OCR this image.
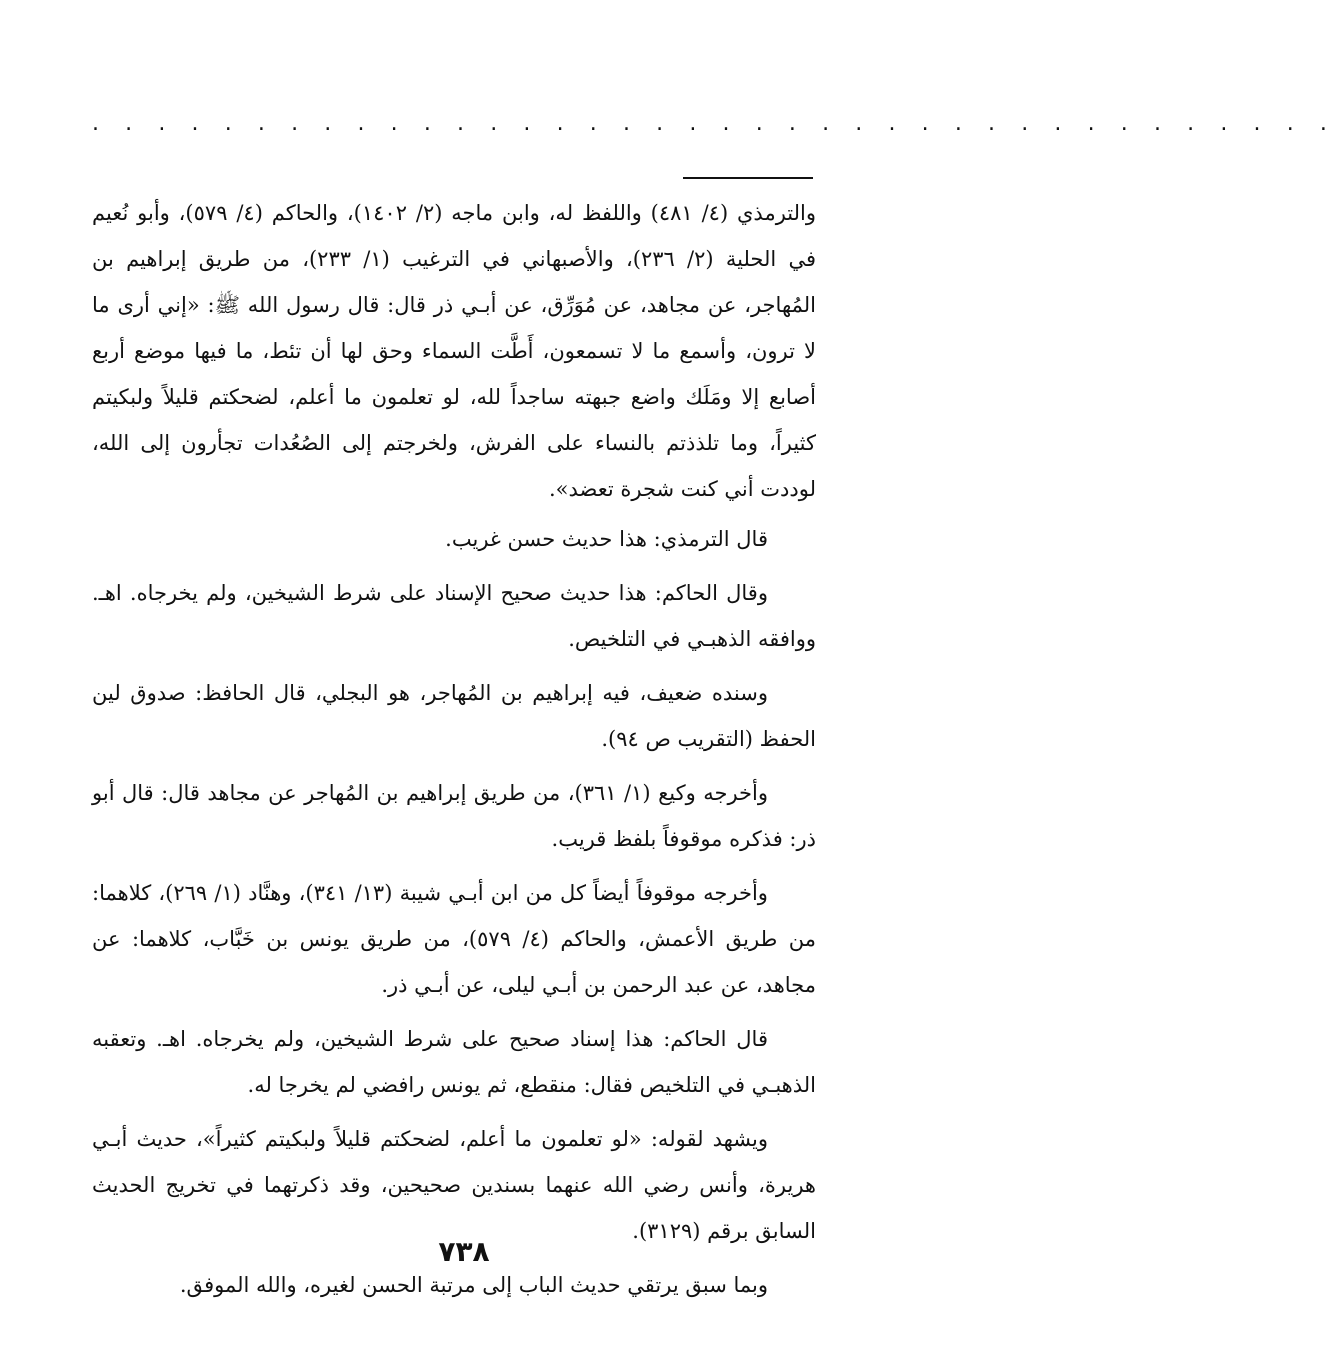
. . . . . . . . . . . . . . . . . . . . . . . . . . . . . . . . . . . . . .

والترمذي (٤/ ٤٨١) واللفظ له، وابن ماجه (٢/ ١٤٠٢)، والحاكم (٤/ ٥٧٩)، وأبو نُعيم في الحلية (٢/ ٢٣٦)، والأصبهاني في الترغيب (١/ ٢٣٣)، من طريق إبراهيم بن المُهاجر، عن مجاهد، عن مُوَرِّق، عن أبـي ذر قال: قال رسول الله ﷺ: «إني أرى ما لا ترون، وأسمع ما لا تسمعون، أَطَّت السماء وحق لها أن تئط، ما فيها موضع أربع أصابع إلا ومَلَك واضع جبهته ساجداً لله، لو تعلمون ما أعلم، لضحكتم قليلاً ولبكيتم كثيراً، وما تلذذتم بالنساء على الفرش، ولخرجتم إلى الصُعُدات تجأرون إلى الله، لوددت أني كنت شجرة تعضد».

قال الترمذي: هذا حديث حسن غريب.

وقال الحاكم: هذا حديث صحيح الإسناد على شرط الشيخين، ولم يخرجاه. اهـ. ووافقه الذهبـي في التلخيص.

وسنده ضعيف، فيه إبراهيم بن المُهاجر، هو البجلي، قال الحافظ: صدوق لين الحفظ (التقريب ص ٩٤).

وأخرجه وكيع (١/ ٣٦١)، من طريق إبراهيم بن المُهاجر عن مجاهد قال: قال أبو ذر: فذكره موقوفاً بلفظ قريب.

وأخرجه موقوفاً أيضاً كل من ابن أبـي شيبة (١٣/ ٣٤١)، وهنَّاد (١/ ٢٦٩)، كلاهما: من طريق الأعمش، والحاكم (٤/ ٥٧٩)، من طريق يونس بن خَبَّاب، كلاهما: عن مجاهد، عن عبد الرحمن بن أبـي ليلى، عن أبـي ذر.

قال الحاكم: هذا إسناد صحيح على شرط الشيخين، ولم يخرجاه. اهـ. وتعقبه الذهبـي في التلخيص فقال: منقطع، ثم يونس رافضي لم يخرجا له.

ويشهد لقوله: «لو تعلمون ما أعلم، لضحكتم قليلاً ولبكيتم كثيراً»، حديث أبـي هريرة، وأنس رضي الله عنهما بسندين صحيحين، وقد ذكرتهما في تخريج الحديث السابق برقم (٣١٢٩).

وبما سبق يرتقي حديث الباب إلى مرتبة الحسن لغيره، والله الموفق.

٧٣٨
